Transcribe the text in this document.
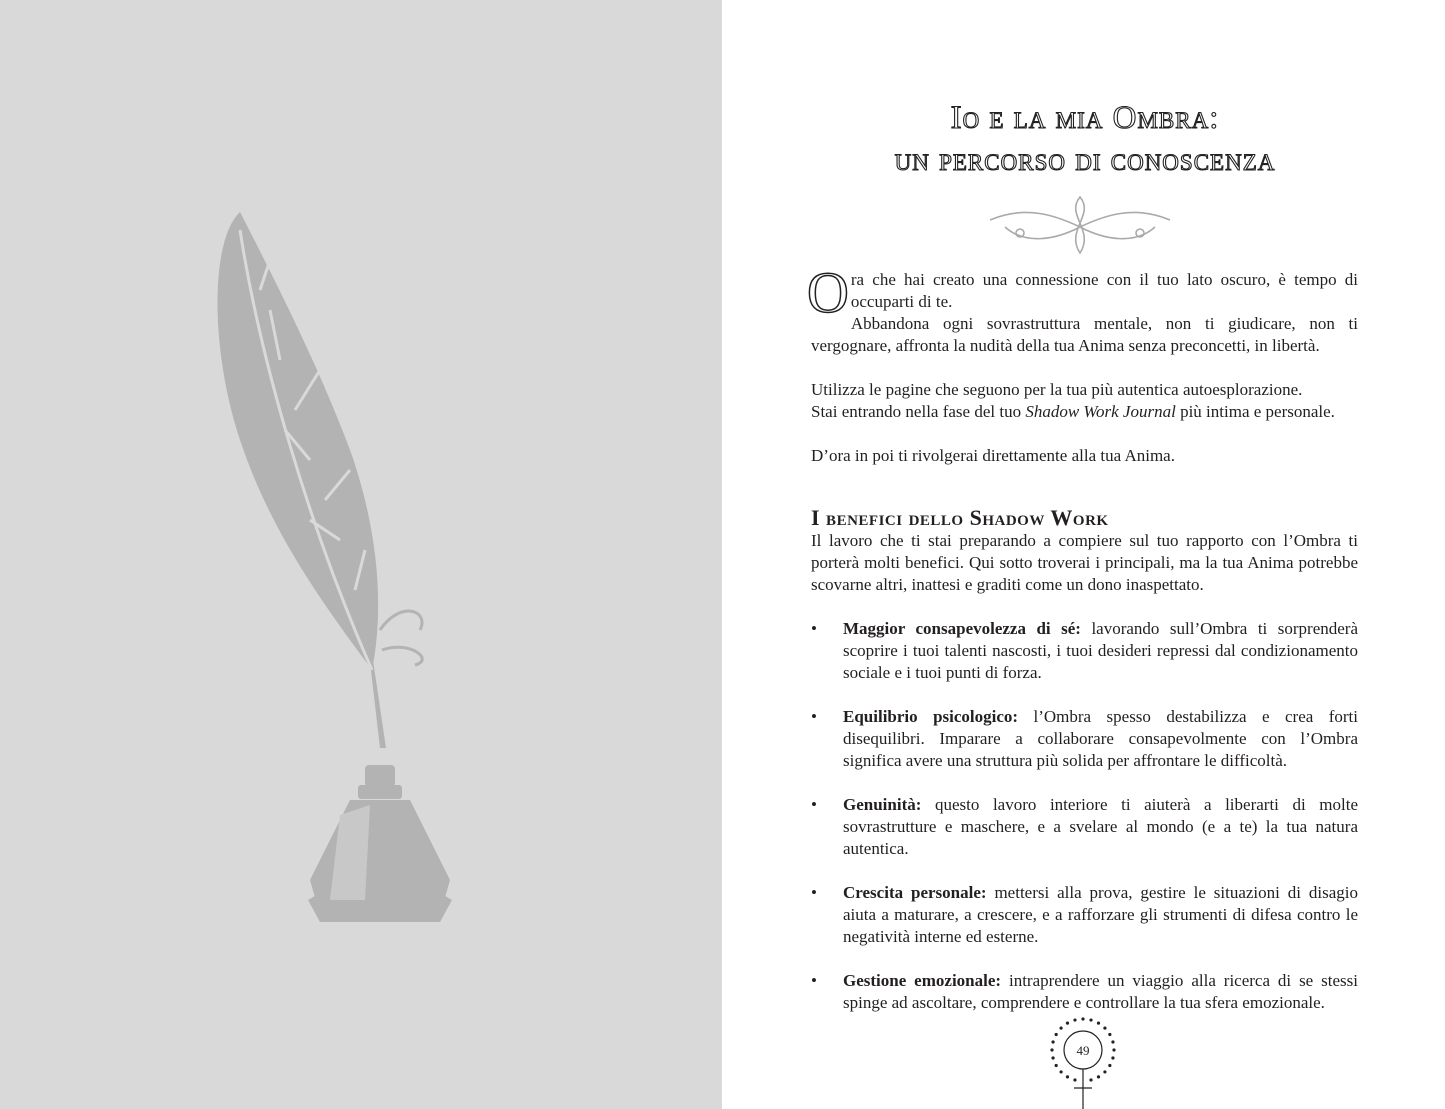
Io e la mia Ombra:
un percorso di conoscenza

Ora che hai creato una connessione con il tuo lato oscuro, è tempo di occuparti di te.

Abbandona ogni sovrastruttura mentale, non ti giudicare, non ti vergognare, affronta la nudità della tua Anima senza preconcetti, in libertà.

Utilizza le pagine che seguono per la tua più autentica autoesplorazione.
Stai entrando nella fase del tuo Shadow Work Journal più intima e personale.

D’ora in poi ti rivolgerai direttamente alla tua Anima.

I benefici dello Shadow Work

Il lavoro che ti stai preparando a compiere sul tuo rapporto con l’Ombra ti porterà molti benefici. Qui sotto troverai i principali, ma la tua Anima potrebbe scovarne altri, inattesi e graditi come un dono inaspettato.

• Maggior consapevolezza di sé: lavorando sull’Ombra ti sorprenderà scoprire i tuoi talenti nascosti, i tuoi desideri repressi dal condizionamento sociale e i tuoi punti di forza.
• Equilibrio psicologico: l’Ombra spesso destabilizza e crea forti disequilibri. Imparare a collaborare consapevolmente con l’Ombra significa avere una struttura più solida per affrontare le difficoltà.
• Genuinità: questo lavoro interiore ti aiuterà a liberarti di molte sovrastrutture e maschere, e a svelare al mondo (e a te) la tua natura autentica.
• Crescita personale: mettersi alla prova, gestire le situazioni di disagio aiuta a maturare, a crescere, e a rafforzare gli strumenti di difesa contro le negatività interne ed esterne.
• Gestione emozionale: intraprendere un viaggio alla ricerca di se stessi spinge ad ascoltare, comprendere e controllare la tua sfera emozionale.
49
